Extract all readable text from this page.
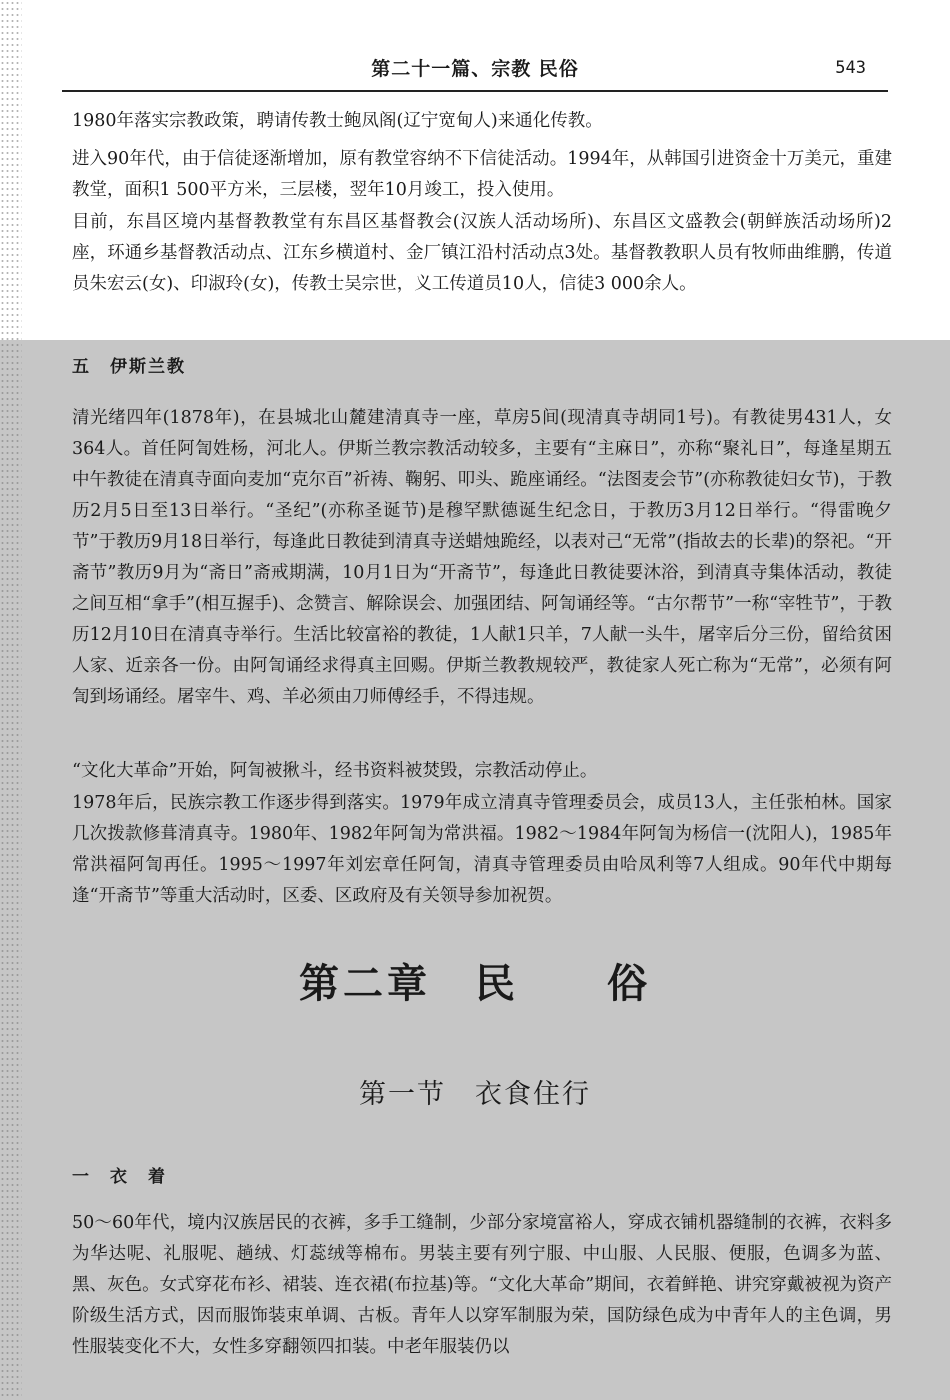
第二十一篇、宗教 民俗	543

1980年落实宗教政策，聘请传教士鲍凤阁(辽宁宽甸人)来通化传教。

进入90年代，由于信徒逐渐增加，原有教堂容纳不下信徒活动。1994年，从韩国引进资金十万美元，重建教堂，面积1 500平方米，三层楼，翌年10月竣工，投入使用。

目前，东昌区境内基督教教堂有东昌区基督教会(汉族人活动场所)、东昌区文盛教会(朝鲜族活动场所)2座，环通乡基督教活动点、江东乡横道村、金厂镇江沿村活动点3处。基督教教职人员有牧师曲维鹏，传道员朱宏云(女)、印淑玲(女)，传教士吴宗世，义工传道员10人，信徒3 000余人。

五　伊斯兰教

清光绪四年(1878年)，在县城北山麓建清真寺一座，草房5间(现清真寺胡同1号)。有教徒男431人，女364人。首任阿訇姓杨，河北人。伊斯兰教宗教活动较多，主要有“主麻日”，亦称“聚礼日”，每逢星期五中午教徒在清真寺面向麦加“克尔百”祈祷、鞠躬、叩头、跪座诵经。“法图麦会节”(亦称教徒妇女节)，于教历2月5日至13日举行。“圣纪”(亦称圣诞节)是穆罕默德诞生纪念日，于教历3月12日举行。“得雷晚夕节”于教历9月18日举行，每逢此日教徒到清真寺送蜡烛跪经，以表对己“无常”(指故去的长辈)的祭祀。“开斋节”教历9月为“斋日”斋戒期满，10月1日为“开斋节”，每逢此日教徒要沐浴，到清真寺集体活动，教徒之间互相“拿手”(相互握手)、念赞言、解除误会、加强团结、阿訇诵经等。“古尔帮节”一称“宰牲节”，于教历12月10日在清真寺举行。生活比较富裕的教徒，1人献1只羊，7人献一头牛，屠宰后分三份，留给贫困人家、近亲各一份。由阿訇诵经求得真主回赐。伊斯兰教教规较严，教徒家人死亡称为“无常”，必须有阿訇到场诵经。屠宰牛、鸡、羊必须由刀师傅经手，不得违规。

“文化大革命”开始，阿訇被揪斗，经书资料被焚毁，宗教活动停止。

1978年后，民族宗教工作逐步得到落实。1979年成立清真寺管理委员会，成员13人，主任张柏林。国家几次拨款修葺清真寺。1980年、1982年阿訇为常洪福。1982～1984年阿訇为杨信一(沈阳人)，1985年常洪福阿訇再任。1995～1997年刘宏章任阿訇，清真寺管理委员由哈凤利等7人组成。90年代中期每逢“开斋节”等重大活动时，区委、区政府及有关领导参加祝贺。

第二章　民　　俗
第一节　衣食住行
一　衣　着

50～60年代，境内汉族居民的衣裤，多手工缝制，少部分家境富裕人，穿成衣铺机器缝制的衣裤，衣料多为华达呢、礼服呢、趟绒、灯蕊绒等棉布。男装主要有列宁服、中山服、人民服、便服，色调多为蓝、黑、灰色。女式穿花布衫、裙装、连衣裙(布拉基)等。“文化大革命”期间，衣着鲜艳、讲究穿戴被视为资产阶级生活方式，因而服饰装束单调、古板。青年人以穿军制服为荣，国防绿色成为中青年人的主色调，男性服装变化不大，女性多穿翻领四扣装。中老年服装仍以
